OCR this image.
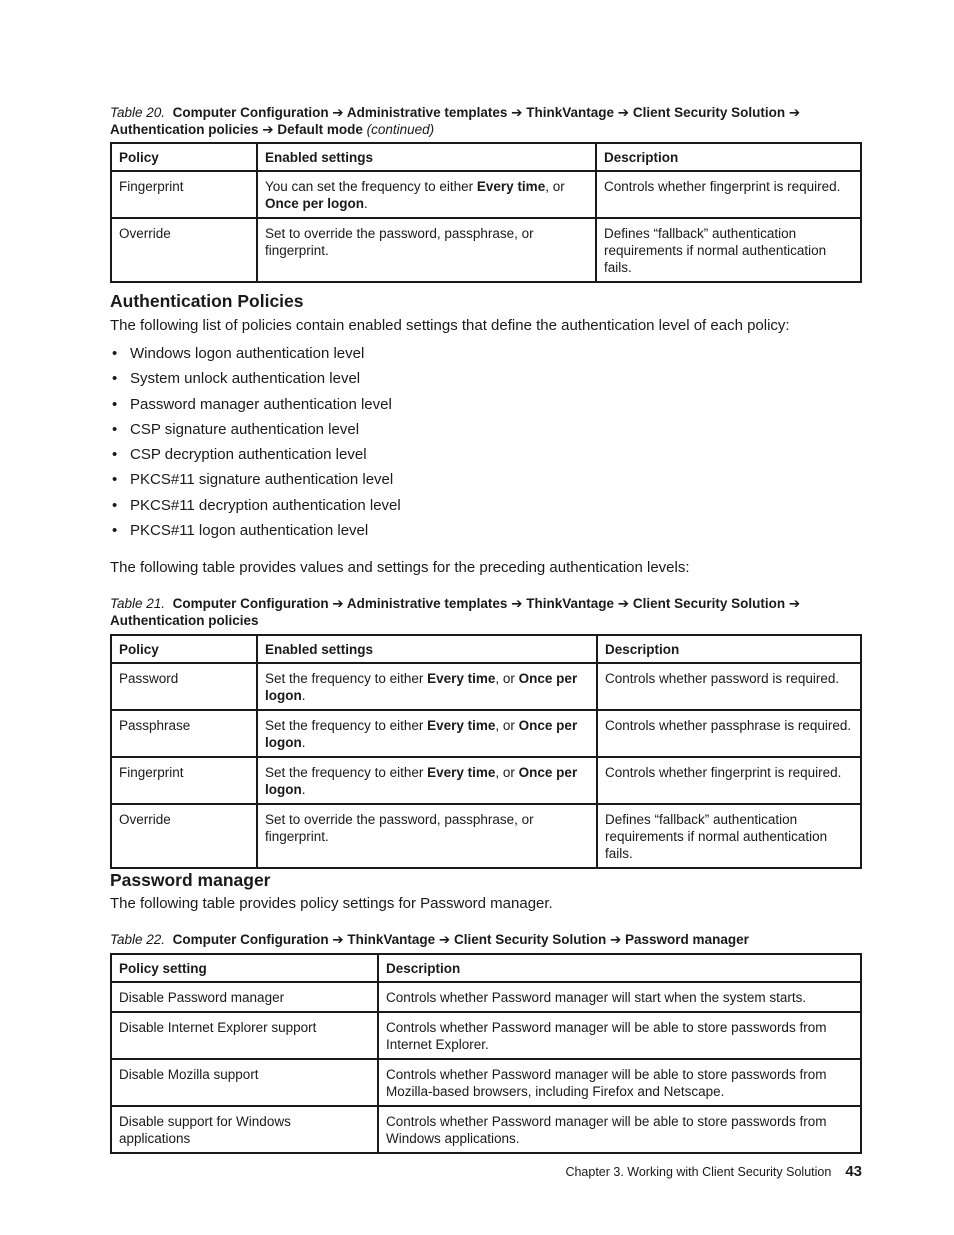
Table 20. Computer Configuration ➔ Administrative templates ➔ ThinkVantage ➔ Client Security Solution ➔ Authentication policies ➔ Default mode (continued)

Policy	Enabled settings	Description
Fingerprint	You can set the frequency to either Every time, or Once per logon.	Controls whether fingerprint is required.
Override	Set to override the password, passphrase, or fingerprint.	Defines “fallback” authentication requirements if normal authentication fails.
Authentication Policies

The following list of policies contain enabled settings that define the authentication level of each policy:

• Windows logon authentication level
• System unlock authentication level
• Password manager authentication level
• CSP signature authentication level
• CSP decryption authentication level
• PKCS#11 signature authentication level
• PKCS#11 decryption authentication level
• PKCS#11 logon authentication level

The following table provides values and settings for the preceding authentication levels:

Table 21. Computer Configuration ➔ Administrative templates ➔ ThinkVantage ➔ Client Security Solution ➔ Authentication policies

Policy	Enabled settings	Description
Password	Set the frequency to either Every time, or Once per logon.	Controls whether password is required.
Passphrase	Set the frequency to either Every time, or Once per logon.	Controls whether passphrase is required.
Fingerprint	Set the frequency to either Every time, or Once per logon.	Controls whether fingerprint is required.
Override	Set to override the password, passphrase, or fingerprint.	Defines “fallback” authentication requirements if normal authentication fails.
Password manager

The following table provides policy settings for Password manager.

Table 22. Computer Configuration ➔ ThinkVantage ➔ Client Security Solution ➔ Password manager

Policy setting	Description
Disable Password manager	Controls whether Password manager will start when the system starts.
Disable Internet Explorer support	Controls whether Password manager will be able to store passwords from Internet Explorer.
Disable Mozilla support	Controls whether Password manager will be able to store passwords from Mozilla-based browsers, including Firefox and Netscape.
Disable support for Windows applications	Controls whether Password manager will be able to store passwords from Windows applications.
Chapter 3. Working with Client Security Solution 43
